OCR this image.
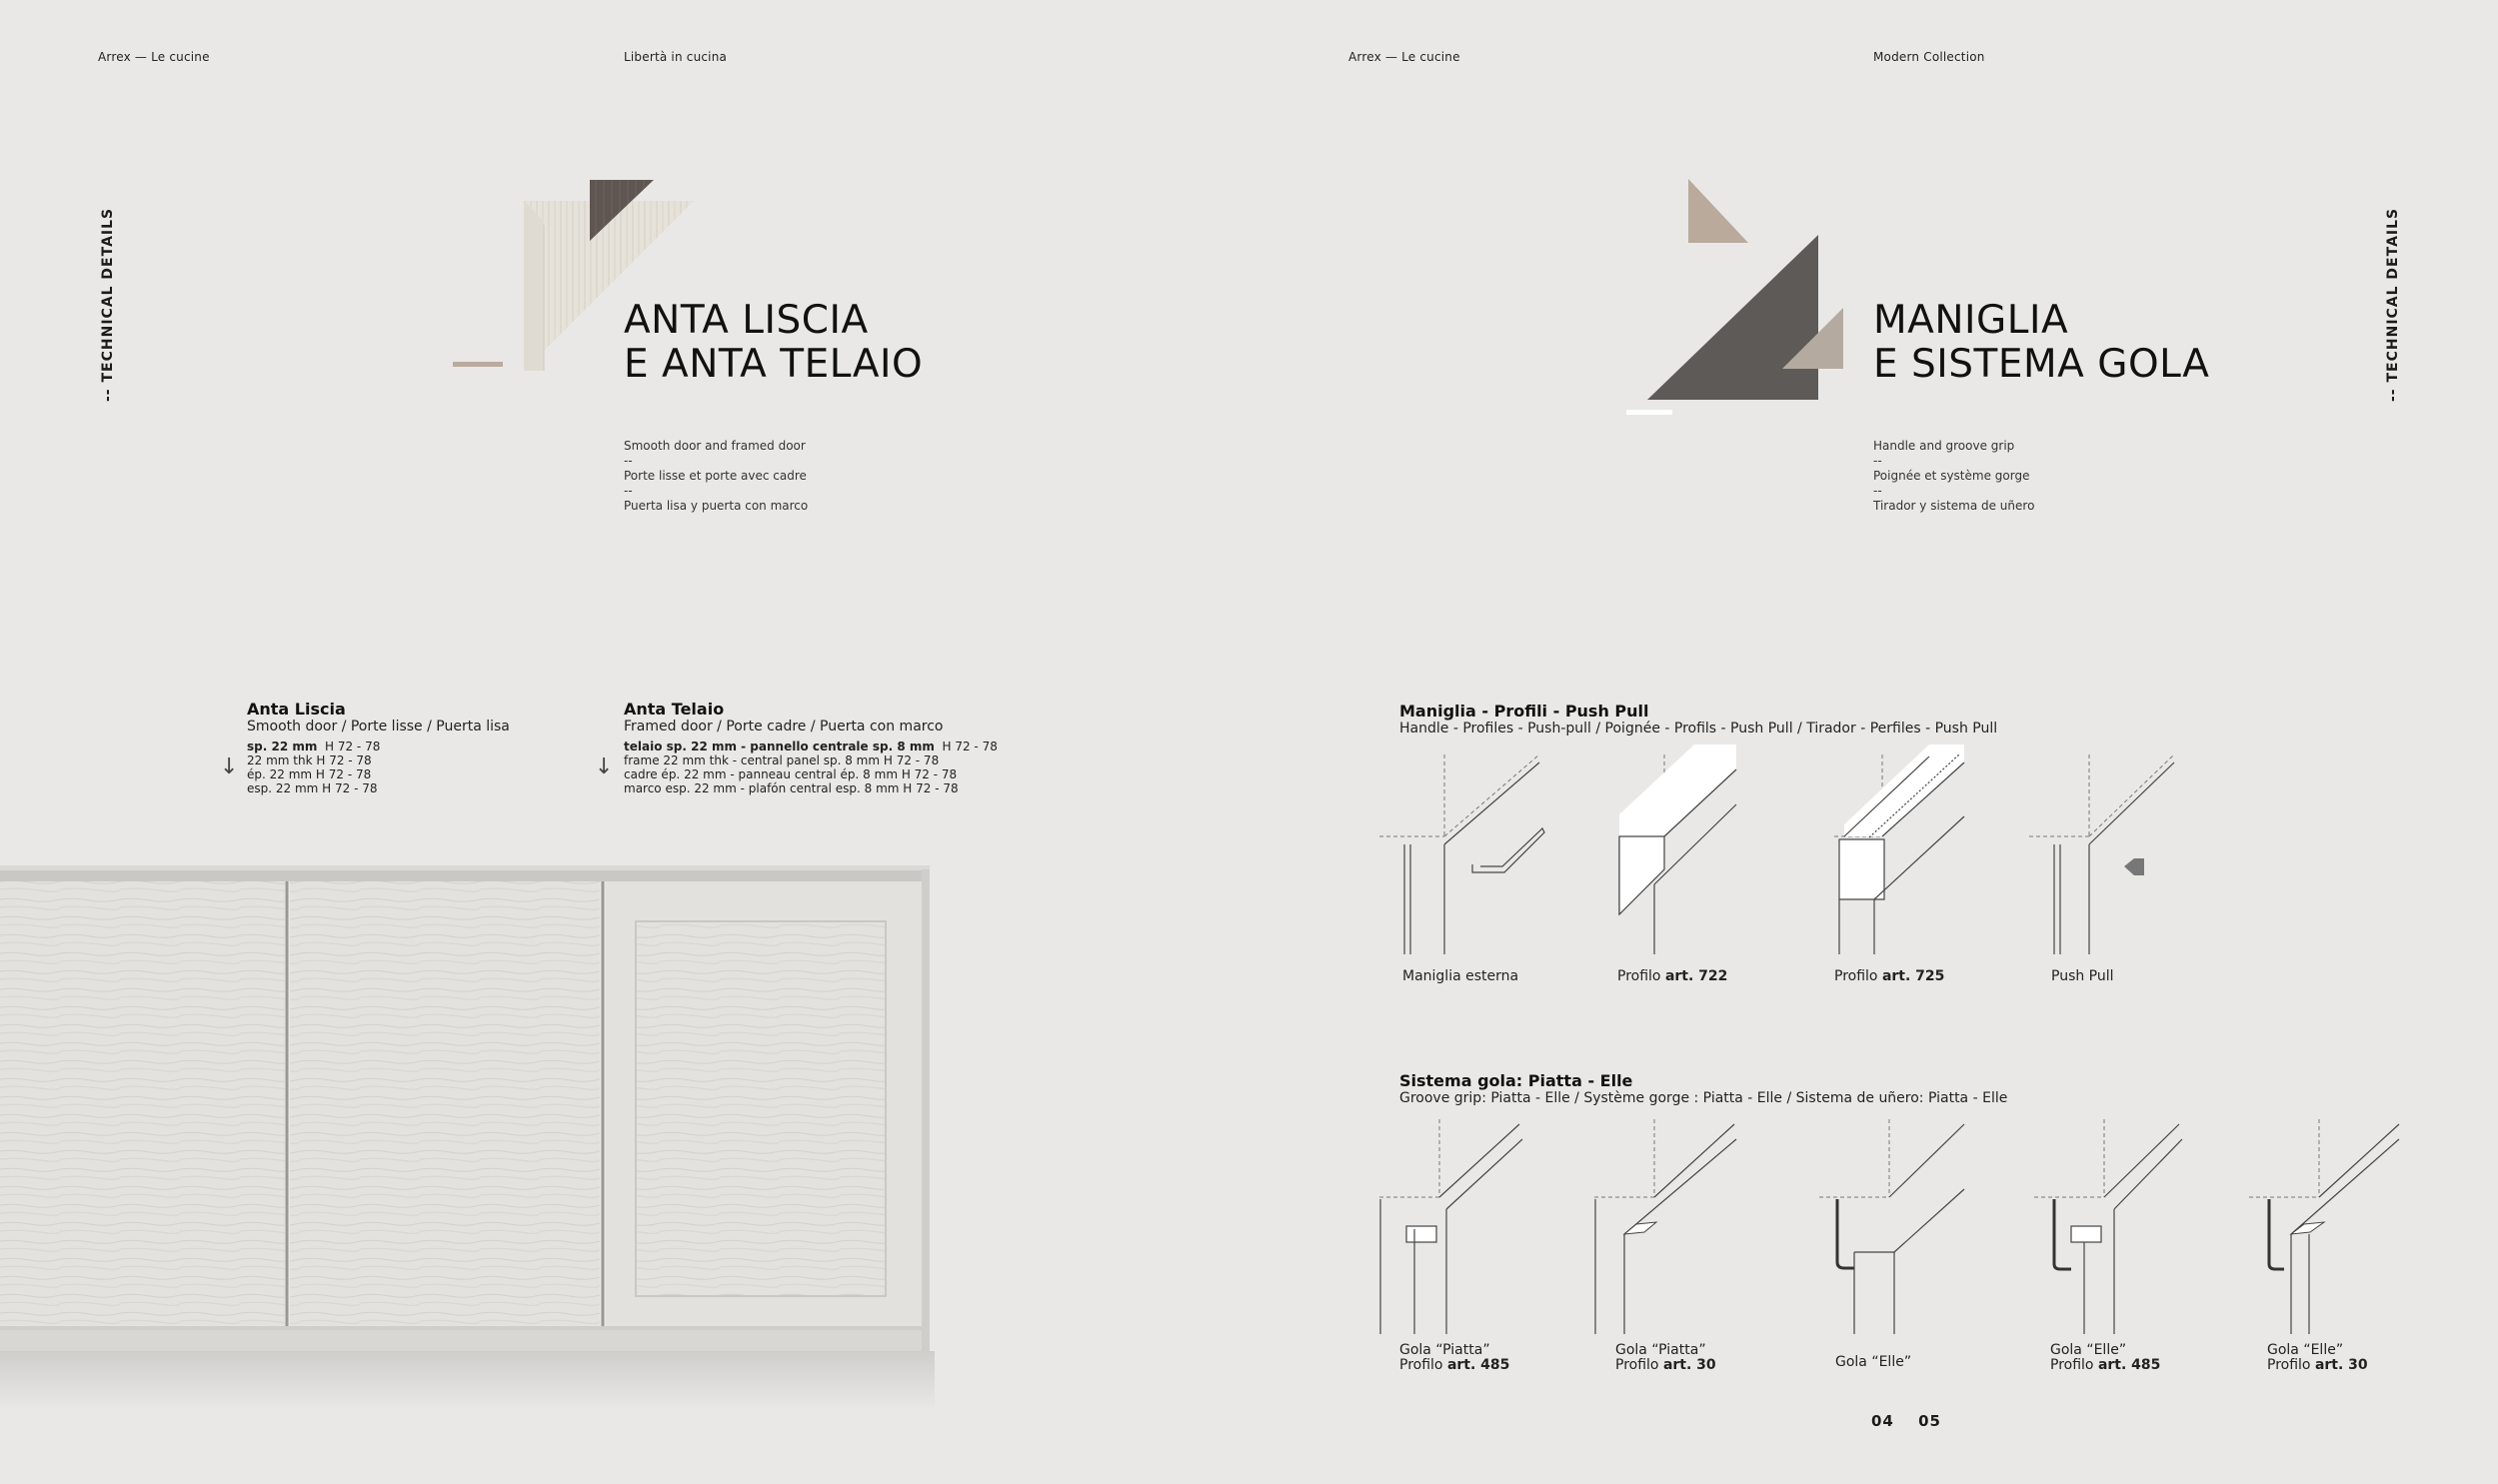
Arrex — Le cucine	Libertà in cucina
-- TECHNICAL DETAILS	ANTA LISCIA
E ANTA TELAIO
Smooth door and framed door
--
Porte lisse et porte avec cadre
--
Puerta lisa y puerta con marco
↓
Anta Liscia
Smooth door / Porte lisse / Puerta lisa
sp. 22 mm H 72 - 78
22 mm thk H 72 - 78
ép. 22 mm H 72 - 78
esp. 22 mm H 72 - 78
↓
Anta Telaio
Framed door / Porte cadre / Puerta con marco
telaio sp. 22 mm - pannello centrale sp. 8 mm H 72 - 78
frame 22 mm thk - central panel sp. 8 mm H 72 - 78
cadre ép. 22 mm - panneau central ép. 8 mm H 72 - 78
marco esp. 22 mm - plafón central esp. 8 mm H 72 - 78
Arrex — Le cucine	Modern Collection
-- TECHNICAL DETAILS
MANIGLIA
E SISTEMA GOLA
Handle and groove grip
--
Poignée et système gorge
--
Tirador y sistema de uñero
Maniglia - Profili - Push Pull
Handle - Profiles - Push-pull / Poignée - Profils - Push Pull / Tirador - Perfiles - Push Pull
Maniglia esterna	Profilo art. 722	Profilo art. 725	Push Pull
Sistema gola: Piatta - Elle
Groove grip: Piatta - Elle / Système gorge : Piatta - Elle / Sistema de uñero: Piatta - Elle
Gola “Piatta”
Profilo art. 485
Gola “Piatta”
Profilo art. 30	Gola “Elle”
Gola “Elle”
Profilo art. 485
Gola “Elle”
Profilo art. 30
04 05
